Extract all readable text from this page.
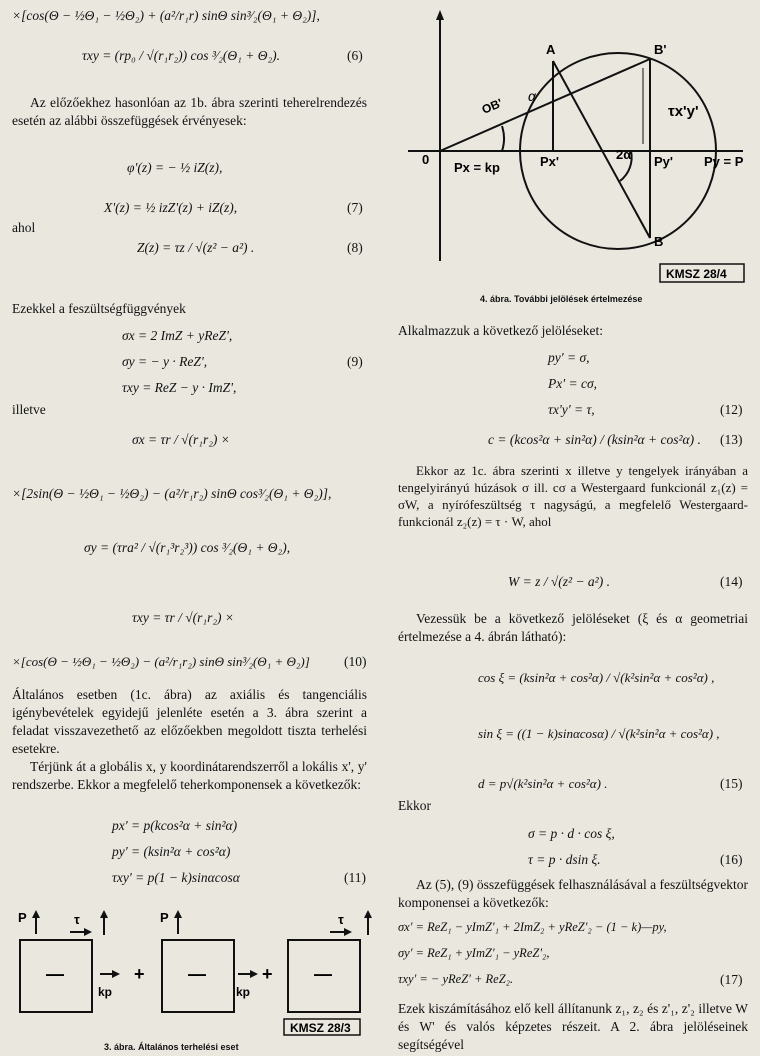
×[cos(Θ − ½Θ₁ − ½Θ₂) + (a²/r₁r) sinΘ sin³⁄₂(Θ₁ + Θ₂)],
τxy = (rp₀ / √(r₁r₂)) cos ³⁄₂(Θ₁ + Θ₂).	(6)
Az előzőekhez hasonlóan az 1b. ábra szerinti teherelrendezés esetén az alábbi összefüggések érvényesek:
φ'(z) = − ½ iZ(z),
X'(z) = ½ izZ'(z) + iZ(z),	(7)
ahol
Z(z) = τz / √(z² − a²) .	(8)
Ezekkel a feszültségfüggvények
σx = 2 ImZ + yReZ',
σy = − y · ReZ',	(9)
τxy = ReZ − y · ImZ',
illetve
σx = τr / √(r₁r₂) ×
×[2sin(Θ − ½Θ₁ − ½Θ₂) − (a²/r₁r₂) sinΘ cos³⁄₂(Θ₁ + Θ₂)],
σy = (τra² / √(r₁³r₂³)) cos ³⁄₂(Θ₁ + Θ₂),
τxy = τr / √(r₁r₂) ×
×[cos(Θ − ½Θ₁ − ½Θ₂) − (a²/r₁r₂) sinΘ sin³⁄₂(Θ₁ + Θ₂)]	(10)
Általános esetben (1c. ábra) az axiális és tangenciális igénybevételek egyidejű jelenléte esetén a 3. ábra szerint a feladat visszavezethető az előzőekben megoldott tiszta terhelési esetekre.
Térjünk át a globális x, y koordinátarendszerről a lokális x', y' rendszerbe. Ekkor a megfelelő teherkomponensek a következők:
px' = p(kcos²α + sin²α)
py' = (ksin²α + cos²α)
τxy' = p(1 − k)sinαcosα	(11)
P	τ	P	τ
kp	kp
+	+
—	—	—
KMSZ 28/3
3. ábra. Általános terhelési eset
A	B'
B
0
OB' α
τx'y'
Px = kp	Px'	2α Py' Py = P
KMSZ 28/4
4. ábra. További jelölések értelmezése
Alkalmazzuk a következő jelöléseket:
py' = σ,
Px' = cσ,
τx'y' = τ,	(12)
c = (kcos²α + sin²α) / (ksin²α + cos²α) . (13)
Ekkor az 1c. ábra szerinti x illetve y tengelyek irányában a tengelyirányú húzások σ ill. cσ a Westergaard funkcionál z₁(z) = σW, a nyírófeszültség τ nagyságú, a megfelelő Westergaard-funkcionál z₂(z) = τ · W, ahol
W = z / √(z² − a²) .	(14)
Vezessük be a következő jelöléseket (ξ és α geometriai értelmezése a 4. ábrán látható):
cos ξ = (ksin²α + cos²α) / √(k²sin²α + cos²α) ,
sin ξ = ((1 − k)sinαcosα) / √(k²sin²α + cos²α) ,
d = p√(k²sin²α + cos²α) .	(15)
Ekkor
σ = p · d · cos ξ,
τ = p · dsin ξ.	(16)
Az (5), (9) összefüggések felhasználásával a feszültségvektor komponensei a következők:
σx' = ReZ₁ − yImZ'₁ + 2ImZ₂ + yReZ'₂ − (1 − k)—py,
σy' = ReZ₁ + yImZ'₁ − yReZ'₂,
τxy' = − yReZ' + ReZ₂.	(17)
Ezek kiszámításához elő kell állítanunk z₁, z₂ és z'₁, z'₂ illetve W és W' és valós képzetes részeit. A 2. ábra jelöléseinek segítségével
